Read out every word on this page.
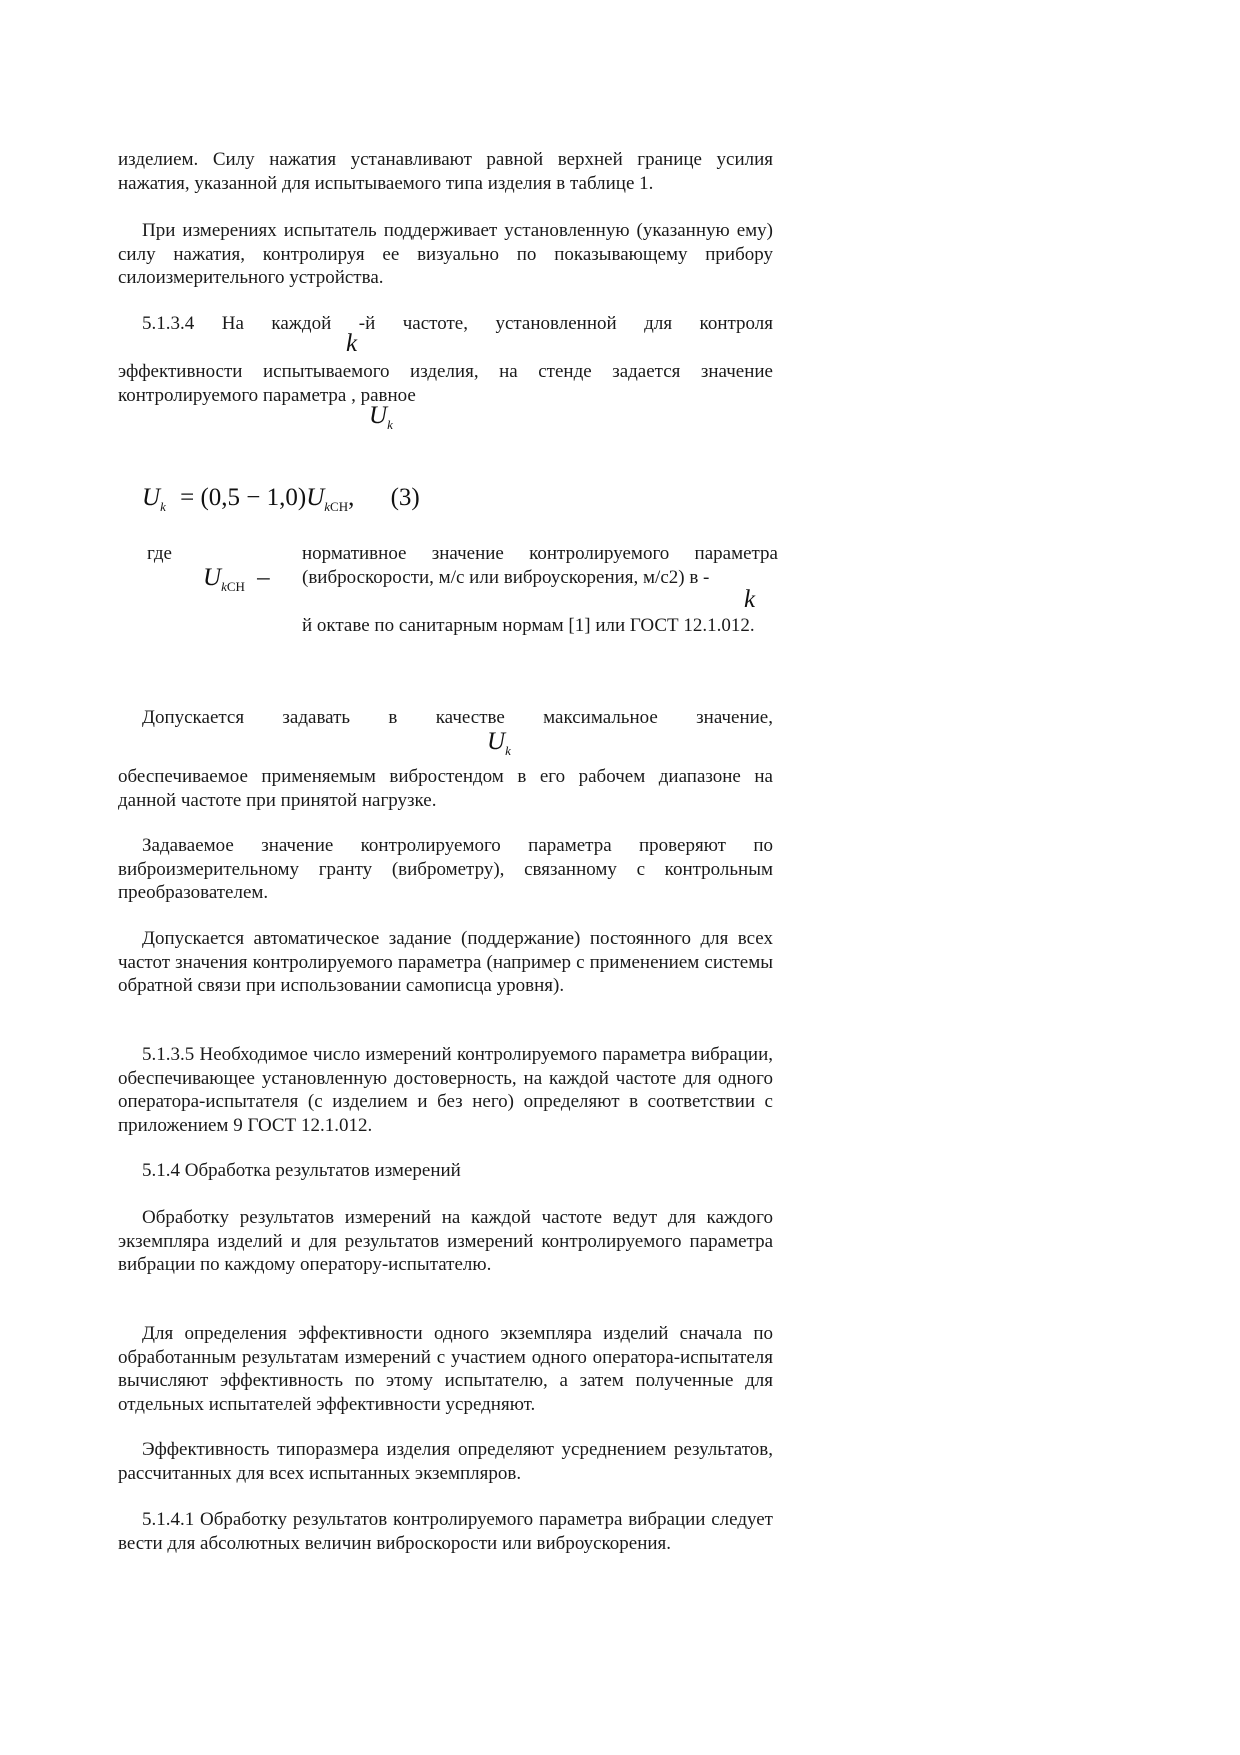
изделием. Силу нажатия устанавливают равной верхней границе усилия нажатия, указанной для испытываемого типа изделия в таблице 1.

При измерениях испытатель поддерживает установленную (указанную ему) силу нажатия, контролируя ее визуально по показывающему прибору силоизмерительного устройства.

5.1.3.4 На каждой -й частоте, установленной для контроля

k

эффективности испытываемого изделия, на стенде задается значение контролируемого параметра , равное

$U_k$
$U_k = (0,5 - 1,0)U_{kСН}$, (3)

где

$U_{kСН}$ –

нормативное значение контролируемого параметра (виброскорости, м/с или виброускорения, м/с2) в -

k

й октаве по санитарным нормам [1] или ГОСТ 12.1.012.

Допускается задавать в качестве максимальное значение,

$U_k$

обеспечиваемое применяемым вибростендом в его рабочем диапазоне на данной частоте при принятой нагрузке.

Задаваемое значение контролируемого параметра проверяют по виброизмерительному гранту (виброметру), связанному с контрольным преобразователем.

Допускается автоматическое задание (поддержание) постоянного для всех частот значения контролируемого параметра (например с применением системы обратной связи при использовании самописца уровня).

5.1.3.5 Необходимое число измерений контролируемого параметра вибрации, обеспечивающее установленную достоверность, на каждой частоте для одного оператора-испытателя (с изделием и без него) определяют в соответствии с приложением 9 ГОСТ 12.1.012.

5.1.4 Обработка результатов измерений

Обработку результатов измерений на каждой частоте ведут для каждого экземпляра изделий и для результатов измерений контролируемого параметра вибрации по каждому оператору-испытателю.

Для определения эффективности одного экземпляра изделий сначала по обработанным результатам измерений с участием одного оператора-испытателя вычисляют эффективность по этому испытателю, а затем полученные для отдельных испытателей эффективности усредняют.

Эффективность типоразмера изделия определяют усреднением результатов, рассчитанных для всех испытанных экземпляров.

5.1.4.1 Обработку результатов контролируемого параметра вибрации следует вести для абсолютных величин виброскорости или виброускорения.
